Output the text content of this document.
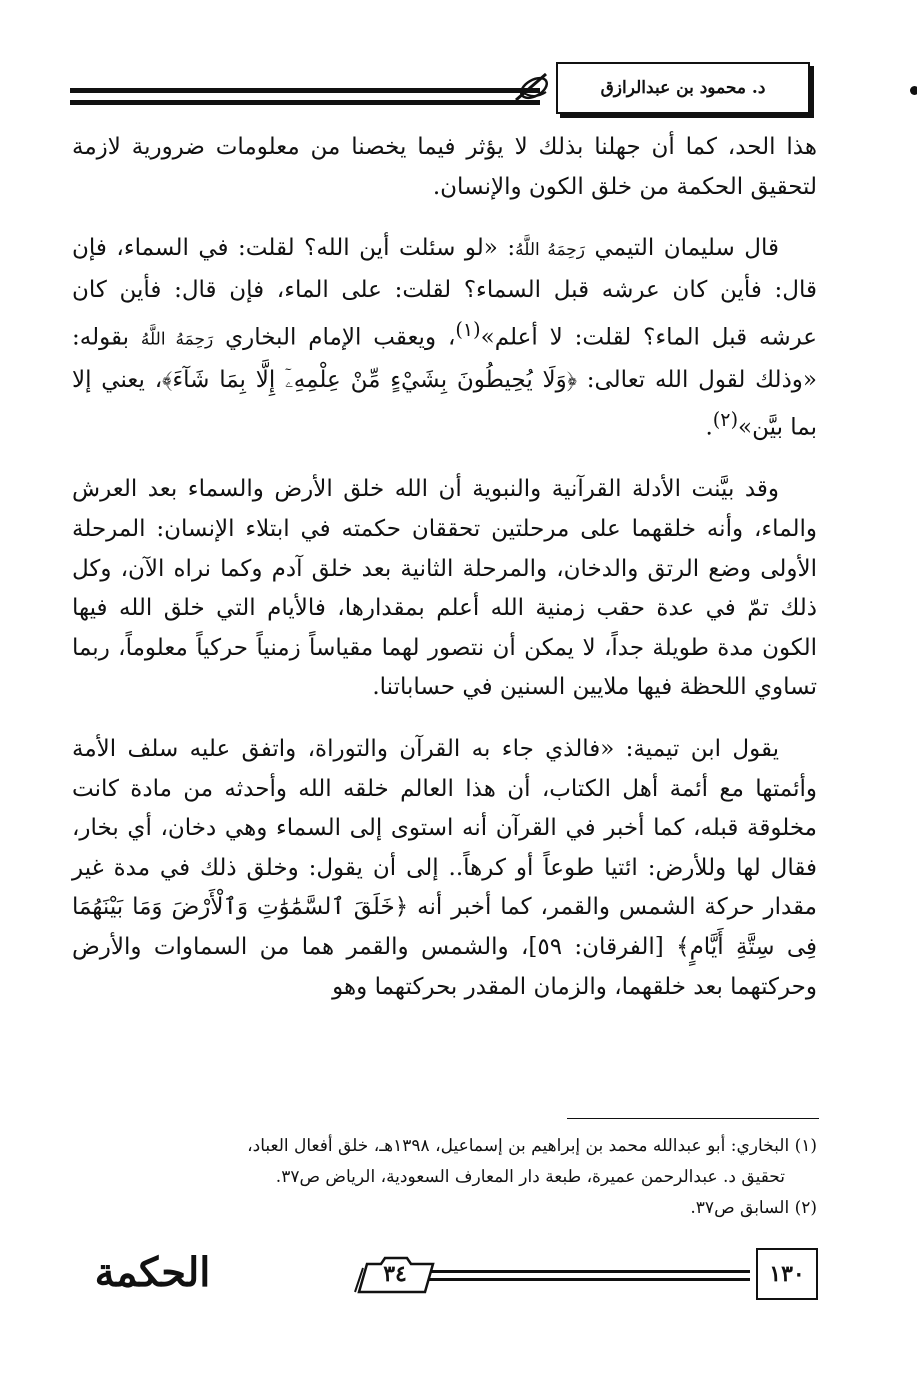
د. محمود بن عبدالرازق

هذا الحد، كما أن جهلنا بذلك لا يؤثر فيما يخصنا من معلومات ضرورية لازمة لتحقيق الحكمة من خلق الكون والإنسان.

قال سليمان التيمي رَحِمَهُ اللَّهُ: «لو سئلت أين الله؟ لقلت: في السماء، فإن قال: فأين كان عرشه قبل السماء؟ لقلت: على الماء، فإن قال: فأين كان عرشه قبل الماء؟ لقلت: لا أعلم»$^{(١)}$، ويعقب الإمام البخاري رَحِمَهُ اللَّهُ بقوله: «وذلك لقول الله تعالى: ﴿وَلَا يُحِيطُونَ بِشَيْءٍ مِّنْ عِلْمِهِۦٓ إِلَّا بِمَا شَآءَ﴾، يعني إلا بما بيَّن»$^{(٢)}$.

وقد بيَّنت الأدلة القرآنية والنبوية أن الله خلق الأرض والسماء بعد العرش والماء، وأنه خلقهما على مرحلتين تحققان حكمته في ابتلاء الإنسان: المرحلة الأولى وضع الرتق والدخان، والمرحلة الثانية بعد خلق آدم وكما نراه الآن، وكل ذلك تمّ في عدة حقب زمنية الله أعلم بمقدارها، فالأيام التي خلق الله فيها الكون مدة طويلة جداً، لا يمكن أن نتصور لهما مقياساً زمنياً حركياً معلوماً، ربما تساوي اللحظة فيها ملايين السنين في حساباتنا.

يقول ابن تيمية: «فالذي جاء به القرآن والتوراة، واتفق عليه سلف الأمة وأئمتها مع أئمة أهل الكتاب، أن هذا العالم خلقه الله وأحدثه من مادة كانت مخلوقة قبله، كما أخبر في القرآن أنه استوى إلى السماء وهي دخان، أي بخار، فقال لها وللأرض: ائتيا طوعاً أو كرهاً.. إلى أن يقول: وخلق ذلك في مدة غير مقدار حركة الشمس والقمر، كما أخبر أنه ﴿خَلَقَ ٱلسَّمَٰوَٰتِ وَٱلْأَرْضَ وَمَا بَيْنَهُمَا فِى سِتَّةِ أَيَّامٍ﴾ [الفرقان: ٥٩]، والشمس والقمر هما من السماوات والأرض وحركتهما بعد خلقهما، والزمان المقدر بحركتهما وهو

(١) البخاري: أبو عبدالله محمد بن إبراهيم بن إسماعيل، ١٣٩٨هـ، خلق أفعال العباد،

تحقيق د. عبدالرحمن عميرة، طبعة دار المعارف السعودية، الرياض ص٣٧.

(٢) السابق ص٣٧.

١٣٠
٣٤
الحكمة
